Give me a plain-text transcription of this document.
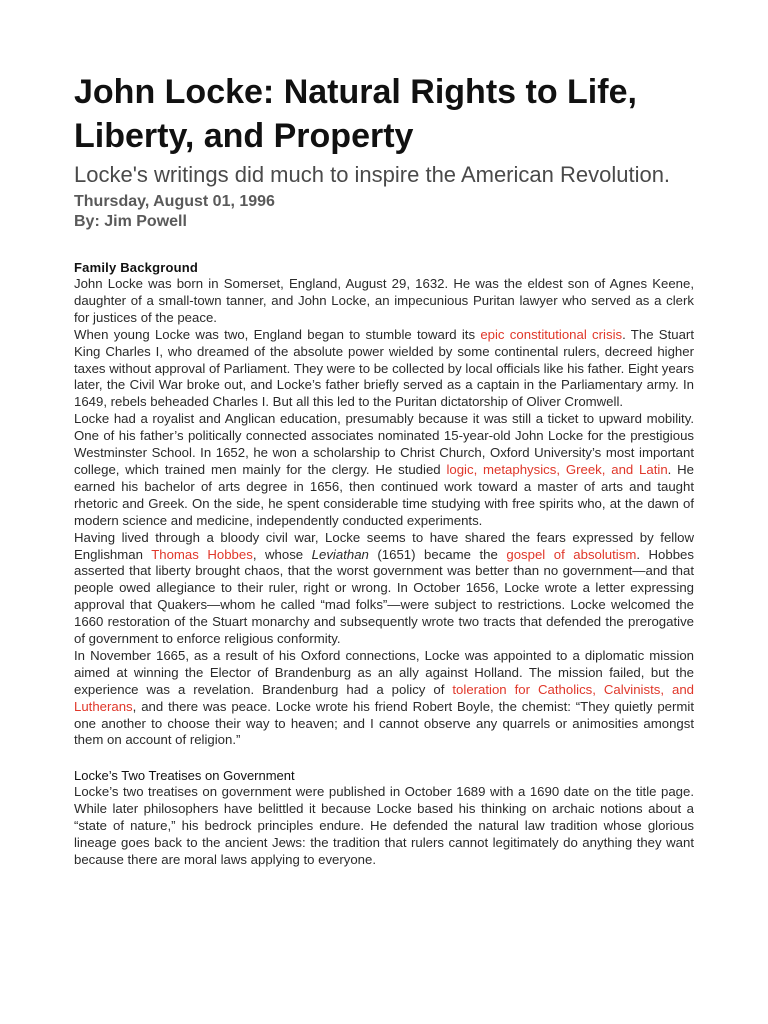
John Locke: Natural Rights to Life, Liberty, and Property
Locke's writings did much to inspire the American Revolution.
Thursday, August 01, 1996
By: Jim Powell
Family Background

John Locke was born in Somerset, England, August 29, 1632. He was the eldest son of Agnes Keene, daughter of a small-town tanner, and John Locke, an impecunious Puritan lawyer who served as a clerk for justices of the peace.

When young Locke was two, England began to stumble toward its epic constitutional crisis. The Stuart King Charles I, who dreamed of the absolute power wielded by some continental rulers, decreed higher taxes without approval of Parliament. They were to be collected by local officials like his father. Eight years later, the Civil War broke out, and Locke’s father briefly served as a captain in the Parliamentary army. In 1649, rebels beheaded Charles I. But all this led to the Puritan dictatorship of Oliver Cromwell.

Locke had a royalist and Anglican education, presumably because it was still a ticket to upward mobility. One of his father’s politically connected associates nominated 15-year-old John Locke for the prestigious Westminster School. In 1652, he won a scholarship to Christ Church, Oxford University’s most important college, which trained men mainly for the clergy. He studied logic, metaphysics, Greek, and Latin. He earned his bachelor of arts degree in 1656, then continued work toward a master of arts and taught rhetoric and Greek. On the side, he spent considerable time studying with free spirits who, at the dawn of modern science and medicine, independently conducted experiments.

Having lived through a bloody civil war, Locke seems to have shared the fears expressed by fellow Englishman Thomas Hobbes, whose Leviathan (1651) became the gospel of absolutism. Hobbes asserted that liberty brought chaos, that the worst government was better than no government—and that people owed allegiance to their ruler, right or wrong. In October 1656, Locke wrote a letter expressing approval that Quakers—whom he called “mad folks”—were subject to restrictions. Locke welcomed the 1660 restoration of the Stuart monarchy and subsequently wrote two tracts that defended the prerogative of government to enforce religious conformity.

In November 1665, as a result of his Oxford connections, Locke was appointed to a diplomatic mission aimed at winning the Elector of Brandenburg as an ally against Holland. The mission failed, but the experience was a revelation. Brandenburg had a policy of toleration for Catholics, Calvinists, and Lutherans, and there was peace. Locke wrote his friend Robert Boyle, the chemist: “They quietly permit one another to choose their way to heaven; and I cannot observe any quarrels or animosities amongst them on account of religion.”

Locke’s Two Treatises on Government

Locke’s two treatises on government were published in October 1689 with a 1690 date on the title page. While later philosophers have belittled it because Locke based his thinking on archaic notions about a “state of nature,” his bedrock principles endure. He defended the natural law tradition whose glorious lineage goes back to the ancient Jews: the tradition that rulers cannot legitimately do anything they want because there are moral laws applying to everyone.
